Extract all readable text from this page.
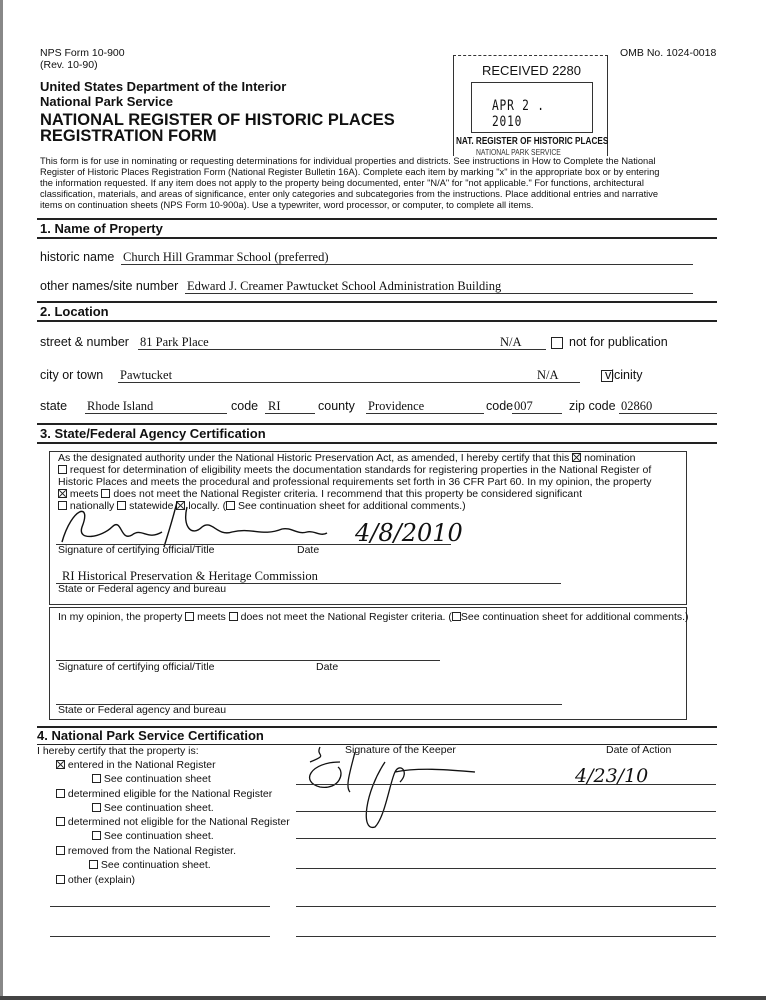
NPS Form 10-900
(Rev. 10-90)
United States Department of the Interior
National Park Service
NATIONAL REGISTER OF HISTORIC PLACES
REGISTRATION FORM
OMB No. 1024-0018
RECEIVED 2280
APR 2 . 2010
NAT. REGISTER OF HISTORIC PLACES
NATIONAL PARK SERVICE
This form is for use in nominating or requesting determinations for individual properties and districts. See instructions in How to Complete the National
Register of Historic Places Registration Form (National Register Bulletin 16A). Complete each item by marking "x" in the appropriate box or by entering
the information requested. If any item does not apply to the property being documented, enter "N/A" for "not applicable." For functions, architectural
classification, materials, and areas of significance, enter only categories and subcategories from the instructions. Place additional entries and narrative
items on continuation sheets (NPS Form 10-900a). Use a typewriter, word processor, or computer, to complete all items.
1. Name of Property
historic name Church Hill Grammar School (preferred)
other names/site number Edward J. Creamer Pawtucket School Administration Building
2. Location
street & number 81 Park Place	N/A
	not for publication
city or town Pawtucket	N/A	vicinity
state Rhode Island	code RI	county Providence	code 007	zip code 02860
3. State/Federal Agency Certification
As the designated authority under the National Historic Preservation Act, as amended, I hereby certify that this nomination
request for determination of eligibility meets the documentation standards for registering properties in the National Register of
Historic Places and meets the procedural and professional requirements set forth in 36 CFR Part 60. In my opinion, the property
meets does not meet the National Register criteria. I recommend that this property be considered significant
nationally statewide locally. ( See continuation sheet for additional comments.)
4/8/2010
Signature of certifying official/Title	Date
RI Historical Preservation & Heritage Commission
State or Federal agency and bureau
In my opinion, the property meets does not meet the National Register criteria. ( See continuation sheet for additional comments.)
Signature of certifying official/Title	Date
State or Federal agency and bureau
4. National Park Service Certification
I hereby certify that the property is:
entered in the National Register
See continuation sheet
determined eligible for the National Register
See continuation sheet.
determined not eligible for the National Register
See continuation sheet.
removed from the National Register.
See continuation sheet.
other (explain)
Signature of the Keeper	Date of Action
4/23/10
